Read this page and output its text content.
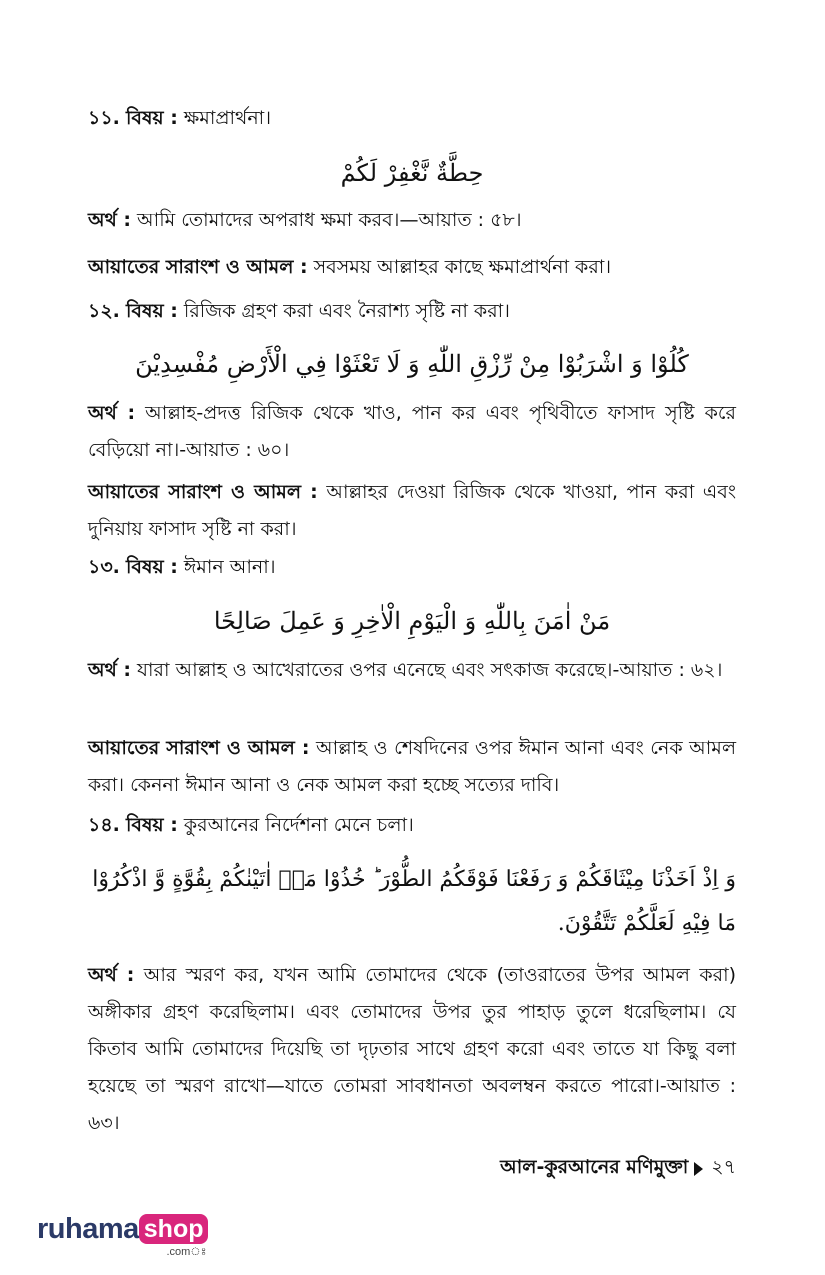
১১. বিষয় : ক্ষমাপ্রার্থনা।
حِطَّةٌ نَّغْفِرْ لَكُمْ
অর্থ : আমি তোমাদের অপরাধ ক্ষমা করব।—আয়াত : ৫৮।
আয়াতের সারাংশ ও আমল : সবসময় আল্লাহর কাছে ক্ষমাপ্রার্থনা করা।
১২. বিষয় : রিজিক গ্রহণ করা এবং নৈরাশ্য সৃষ্টি না করা।
كُلُوْا وَ اشْرَبُوْا مِنْ رِّزْقِ اللّٰهِ وَ لَا تَعْثَوْا فِي الْأَرْضِ مُفْسِدِيْنَ
অর্থ : আল্লাহ-প্রদত্ত রিজিক থেকে খাও, পান কর এবং পৃথিবীতে ফাসাদ সৃষ্টি করে বেড়িয়ো না।-আয়াত : ৬০।
আয়াতের সারাংশ ও আমল : আল্লাহর দেওয়া রিজিক থেকে খাওয়া, পান করা এবং দুনিয়ায় ফাসাদ সৃষ্টি না করা।
১৩. বিষয় : ঈমান আনা।
مَنْ اٰمَنَ بِاللّٰهِ وَ الْيَوْمِ الْاٰخِرِ وَ عَمِلَ صَالِحًا
অর্থ : যারা আল্লাহ ও আখেরাতের ওপর এনেছে এবং সৎকাজ করেছে।-আয়াত : ৬২।
আয়াতের সারাংশ ও আমল : আল্লাহ ও শেষদিনের ওপর ঈমান আনা এবং নেক আমল করা। কেননা ঈমান আনা ও নেক আমল করা হচ্ছে সত্যের দাবি।
১৪. বিষয় : কুরআনের নির্দেশনা মেনে চলা।
وَ اِذْ اَخَذْنَا مِيْثَاقَكُمْ وَ رَفَعْنَا فَوْقَكُمُ الطُّوْرَ ؕ خُذُوْا مَاۤ اٰتَيْنٰكُمْ بِقُوَّةٍ وَّ اذْكُرُوْا مَا فِيْهِ لَعَلَّكُمْ تَتَّقُوْنَ.
অর্থ : আর স্মরণ কর, যখন আমি তোমাদের থেকে (তাওরাতের উপর আমল করা) অঙ্গীকার গ্রহণ করেছিলাম। এবং তোমাদের উপর তুর পাহাড় তুলে ধরেছিলাম। যে কিতাব আমি তোমাদের দিয়েছি তা দৃঢ়তার সাথে গ্রহণ করো এবং তাতে যা কিছু বলা হয়েছে তা স্মরণ রাখো—যাতে তোমরা সাবধানতা অবলম্বন করতে পারো।-আয়াত : ৬৩।
আল-কুরআনের মণিমুক্তা ২৭
ruhama shop
.comঃ
